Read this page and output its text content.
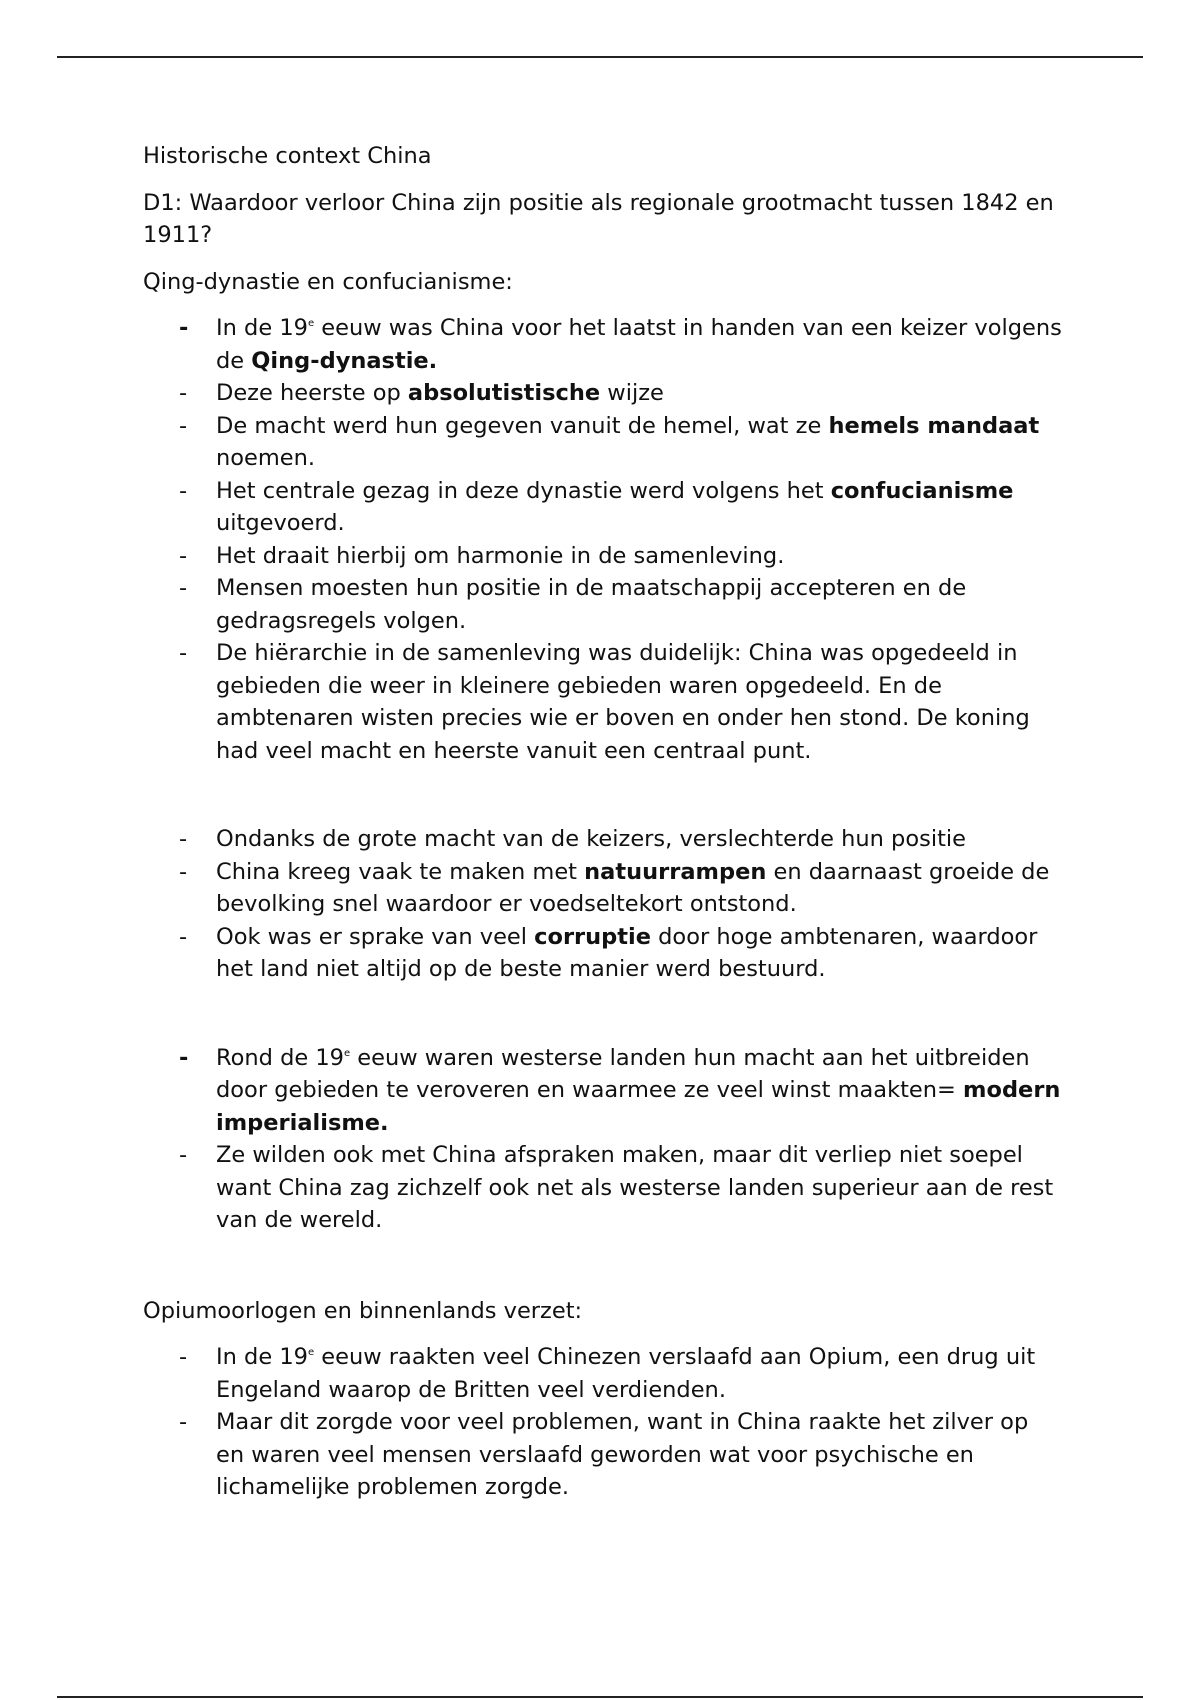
Historische context China

D1: Waardoor verloor China zijn positie als regionale grootmacht tussen 1842 en 1911?

Qing-dynastie en confucianisme:

-	In de 19e eeuw was China voor het laatst in handen van een keizer volgens de Qing-dynastie.
-	Deze heerste op absolutistische wijze
-	De macht werd hun gegeven vanuit de hemel, wat ze hemels mandaat noemen.
-	Het centrale gezag in deze dynastie werd volgens het confucianisme uitgevoerd.
-	Het draait hierbij om harmonie in de samenleving.
-	Mensen moesten hun positie in de maatschappij accepteren en de gedragsregels volgen.
-	De hiërarchie in de samenleving was duidelijk: China was opgedeeld in gebieden die weer in kleinere gebieden waren opgedeeld. En de ambtenaren wisten precies wie er boven en onder hen stond. De koning had veel macht en heerste vanuit een centraal punt.
-	Ondanks de grote macht van de keizers, verslechterde hun positie
-	China kreeg vaak te maken met natuurrampen en daarnaast groeide de bevolking snel waardoor er voedseltekort ontstond.
-	Ook was er sprake van veel corruptie door hoge ambtenaren, waardoor het land niet altijd op de beste manier werd bestuurd.
-	Rond de 19e eeuw waren westerse landen hun macht aan het uitbreiden door gebieden te veroveren en waarmee ze veel winst maakten= modern imperialisme.
-	Ze wilden ook met China afspraken maken, maar dit verliep niet soepel want China zag zichzelf ook net als westerse landen superieur aan de rest van de wereld.

Opiumoorlogen en binnenlands verzet:

-	In de 19e eeuw raakten veel Chinezen verslaafd aan Opium, een drug uit Engeland waarop de Britten veel verdienden.
-	Maar dit zorgde voor veel problemen, want in China raakte het zilver op en waren veel mensen verslaafd geworden wat voor psychische en lichamelijke problemen zorgde.
